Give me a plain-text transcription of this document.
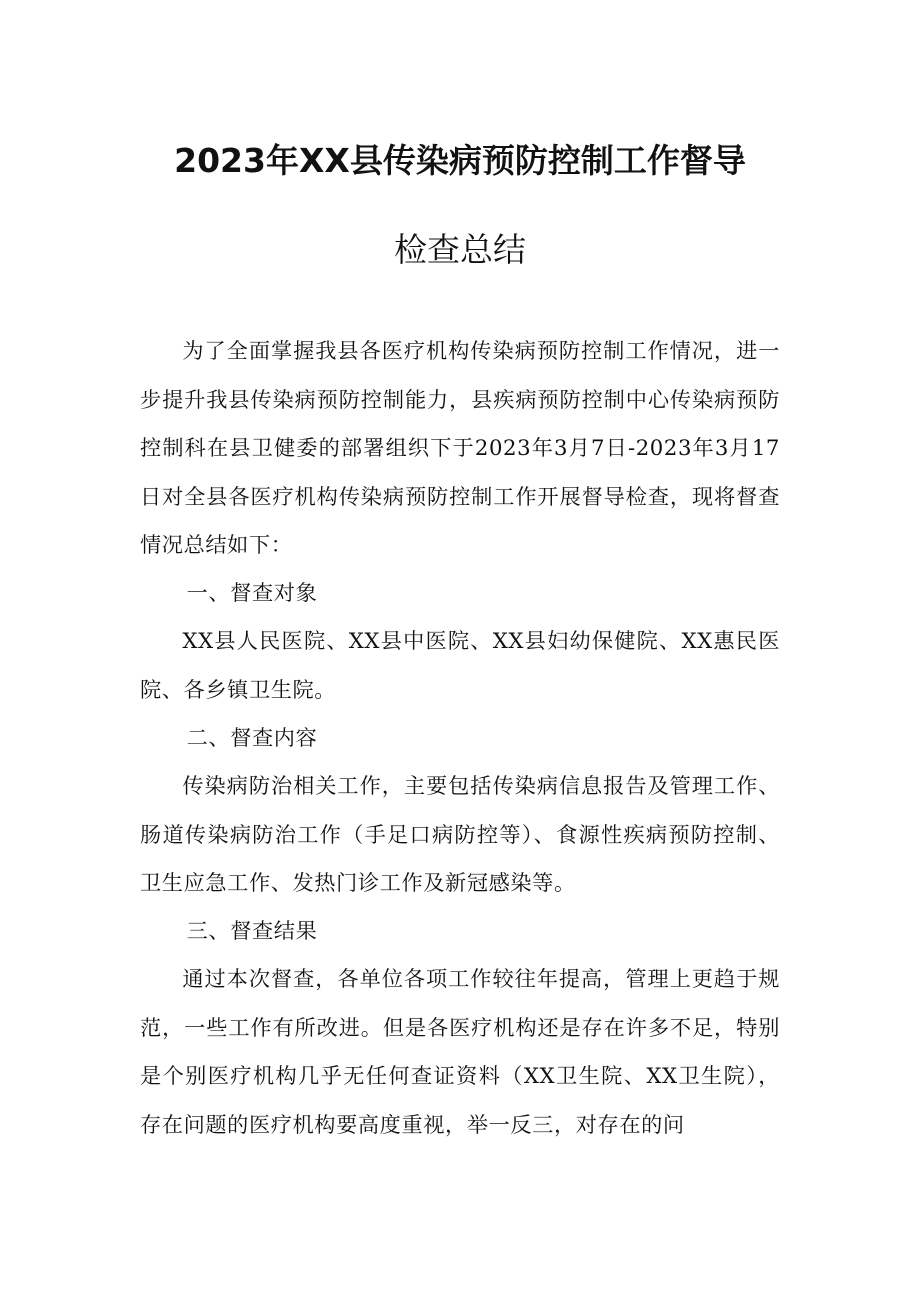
2023年XX县传染病预防控制工作督导
检查总结
为了全面掌握我县各医疗机构传染病预防控制工作情况，进一步提升我县传染病预防控制能力，县疾病预防控制中心传染病预防控制科在县卫健委的部署组织下于2023年3月7日-2023年3月17日对全县各医疗机构传染病预防控制工作开展督导检查，现将督查情况总结如下：
一、督查对象
XX县人民医院、XX县中医院、XX县妇幼保健院、XX惠民医院、各乡镇卫生院。
二、督查内容
传染病防治相关工作，主要包括传染病信息报告及管理工作、肠道传染病防治工作（手足口病防控等）、食源性疾病预防控制、卫生应急工作、发热门诊工作及新冠感染等。
三、督查结果
通过本次督查，各单位各项工作较往年提高，管理上更趋于规范，一些工作有所改进。但是各医疗机构还是存在许多不足，特别是个别医疗机构几乎无任何查证资料（XX卫生院、XX卫生院），存在问题的医疗机构要高度重视，举一反三，对存在的问
